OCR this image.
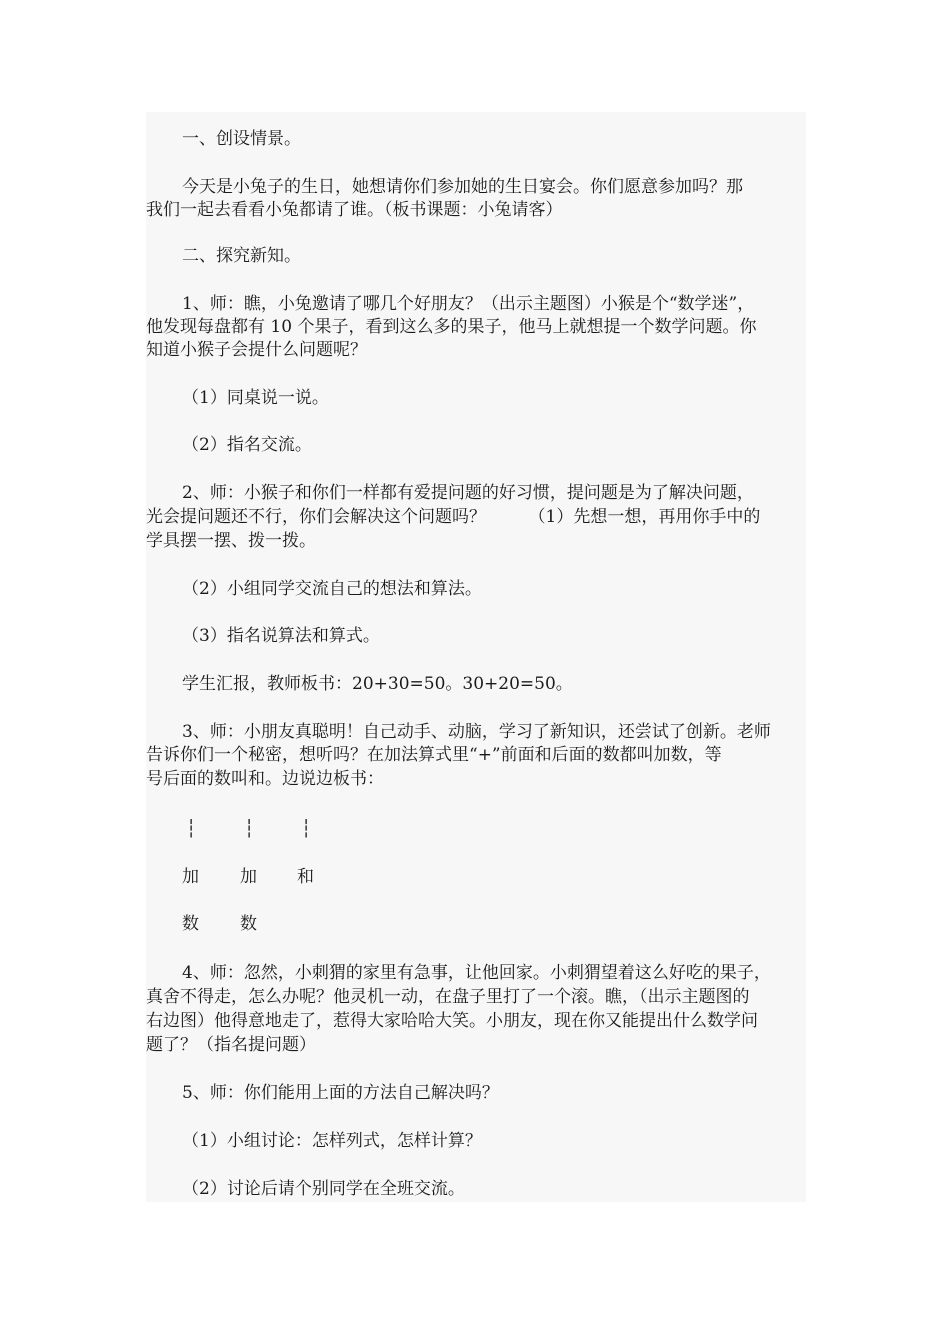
一、创设情景。
今天是小兔子的生日，她想请你们参加她的生日宴会。你们愿意参加吗？那
我们一起去看看小兔都请了谁。（板书课题：小兔请客）
二、探究新知。
1、师：瞧，小兔邀请了哪几个好朋友？（出示主题图）小猴是个“数学迷”，
他发现每盘都有 10 个果子，看到这么多的果子，他马上就想提一个数学问题。你
知道小猴子会提什么问题呢？
（1）同桌说一说。
（2）指名交流。
2、师：小猴子和你们一样都有爱提问题的好习惯，提问题是为了解决问题，
光会提问题还不行，你们会解决这个问题吗？　　　（1）先想一想，再用你手中的
学具摆一摆、拨一拨。
（2）小组同学交流自己的想法和算法。
（3）指名说算法和算式。
学生汇报，教师板书：20+30=50。30+20=50。
3、师：小朋友真聪明！自己动手、动脑，学习了新知识，还尝试了创新。老师
告诉你们一个秘密，想听吗？在加法算式里“+”前面和后面的数都叫加数，等
号后面的数叫和。边说边板书：
┆	┆	┆
加 加 和
数 数
4、师：忽然，小刺猬的家里有急事，让他回家。小刺猬望着这么好吃的果子，
真舍不得走，怎么办呢？他灵机一动，在盘子里打了一个滚。瞧，（出示主题图的
右边图）他得意地走了，惹得大家哈哈大笑。小朋友，现在你又能提出什么数学问
题了？（指名提问题）
5、师：你们能用上面的方法自己解决吗？
（1）小组讨论：怎样列式，怎样计算？
（2）讨论后请个别同学在全班交流。
